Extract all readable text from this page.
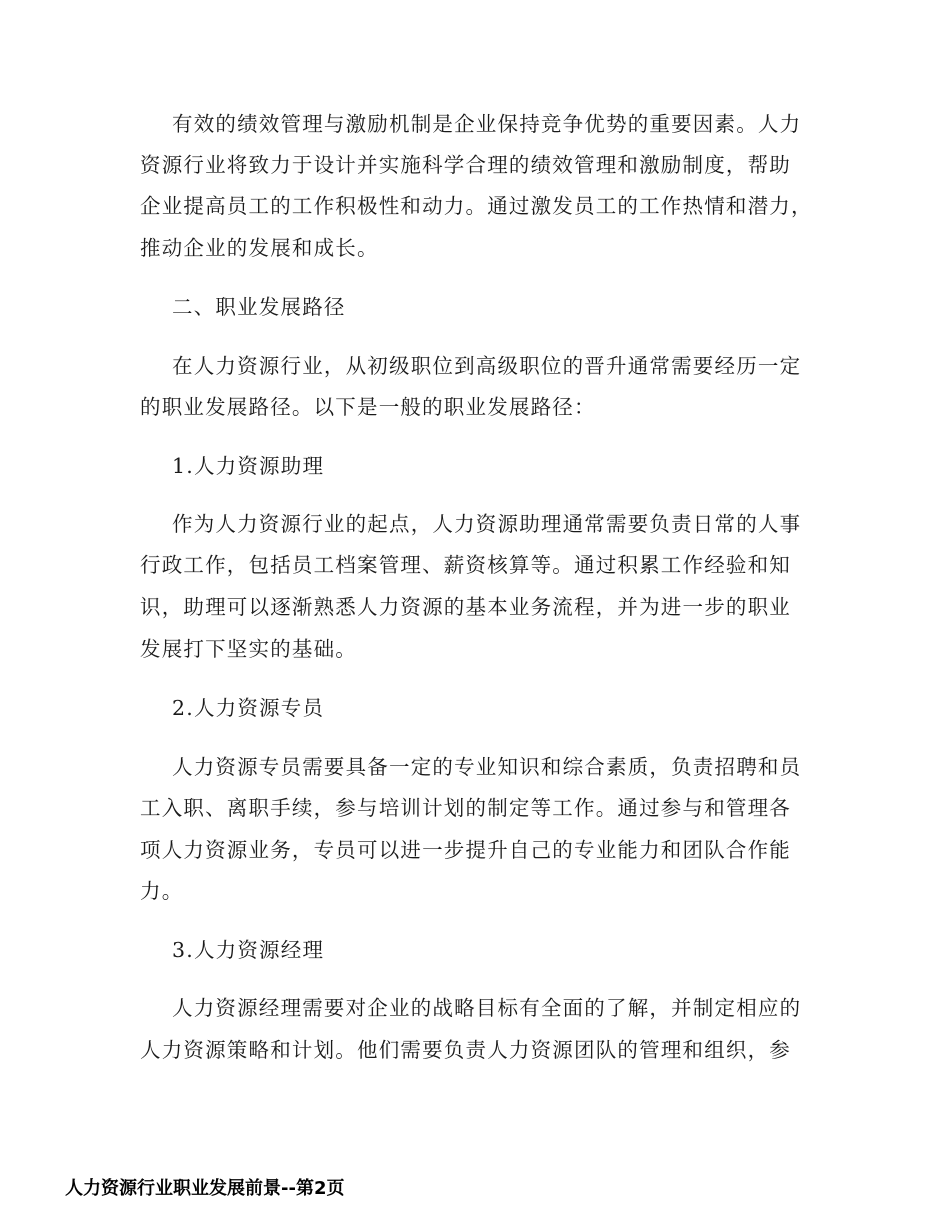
有效的绩效管理与激励机制是企业保持竞争优势的重要因素。人力
资源行业将致力于设计并实施科学合理的绩效管理和激励制度，帮助
企业提高员工的工作积极性和动力。通过激发员工的工作热情和潜力，
推动企业的发展和成长。
二、职业发展路径
在人力资源行业，从初级职位到高级职位的晋升通常需要经历一定
的职业发展路径。以下是一般的职业发展路径：
1.人力资源助理
作为人力资源行业的起点，人力资源助理通常需要负责日常的人事
行政工作，包括员工档案管理、薪资核算等。通过积累工作经验和知
识，助理可以逐渐熟悉人力资源的基本业务流程，并为进一步的职业
发展打下坚实的基础。
2.人力资源专员
人力资源专员需要具备一定的专业知识和综合素质，负责招聘和员
工入职、离职手续，参与培训计划的制定等工作。通过参与和管理各
项人力资源业务，专员可以进一步提升自己的专业能力和团队合作能
力。
3.人力资源经理
人力资源经理需要对企业的战略目标有全面的了解，并制定相应的
人力资源策略和计划。他们需要负责人力资源团队的管理和组织，参
人力资源行业职业发展前景--第2页
